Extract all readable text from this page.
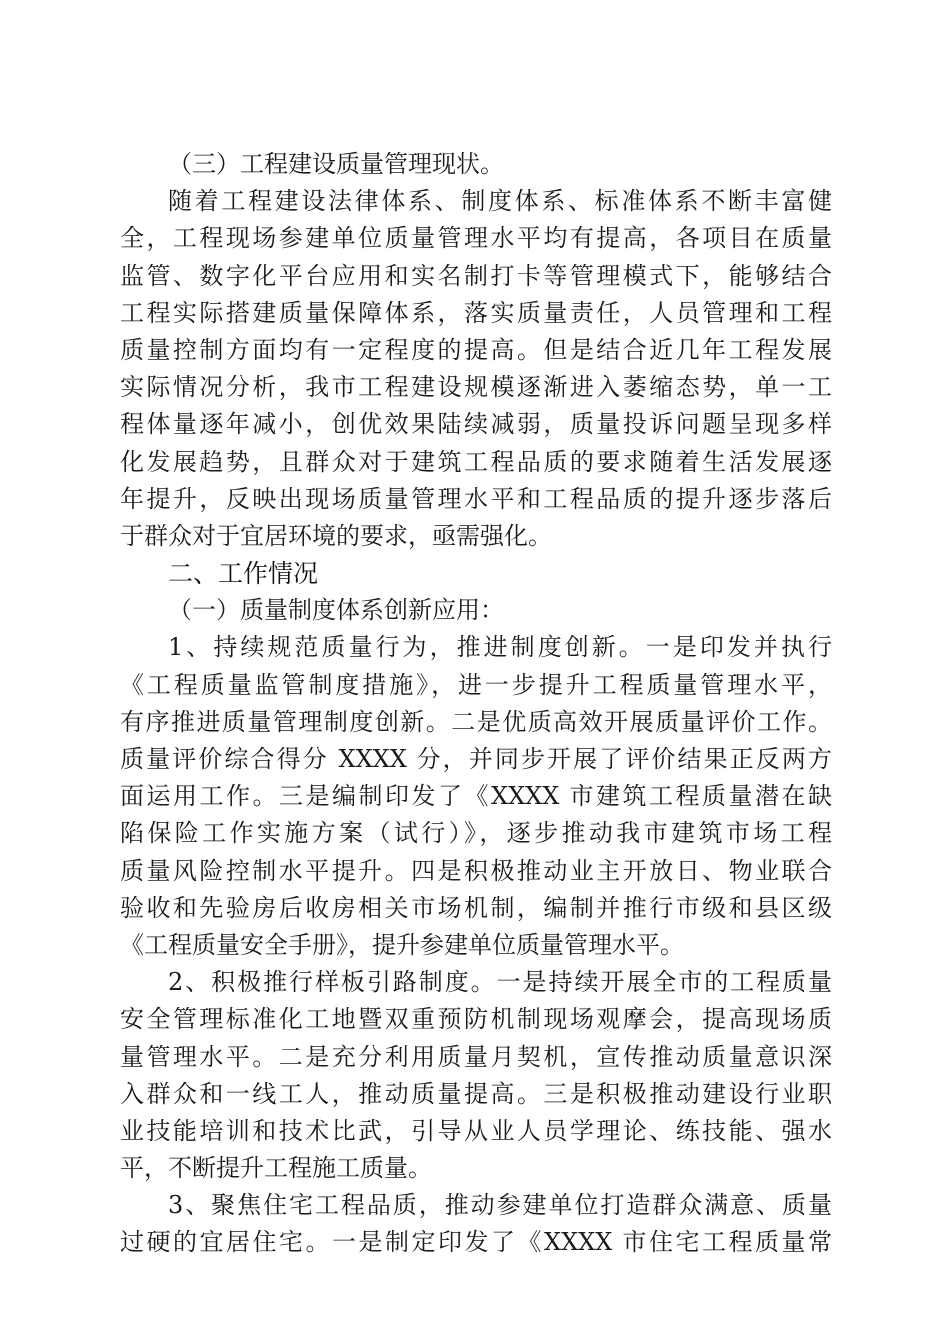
（三）工程建设质量管理现状。
随着工程建设法律体系、制度体系、标准体系不断丰富健
全，工程现场参建单位质量管理水平均有提高，各项目在质量
监管、数字化平台应用和实名制打卡等管理模式下，能够结合
工程实际搭建质量保障体系，落实质量责任，人员管理和工程
质量控制方面均有一定程度的提高。但是结合近几年工程发展
实际情况分析，我市工程建设规模逐渐进入萎缩态势，单一工
程体量逐年减小，创优效果陆续减弱，质量投诉问题呈现多样
化发展趋势，且群众对于建筑工程品质的要求随着生活发展逐
年提升，反映出现场质量管理水平和工程品质的提升逐步落后
于群众对于宜居环境的要求，亟需强化。
二、工作情况
（一）质量制度体系创新应用：
1、持续规范质量行为，推进制度创新。一是印发并执行
《工程质量监管制度措施》，进一步提升工程质量管理水平，
有序推进质量管理制度创新。二是优质高效开展质量评价工作。
质量评价综合得分 XXXX 分，并同步开展了评价结果正反两方
面运用工作。三是编制印发了《XXXX 市建筑工程质量潜在缺
陷保险工作实施方案（试行）》，逐步推动我市建筑市场工程
质量风险控制水平提升。四是积极推动业主开放日、物业联合
验收和先验房后收房相关市场机制，编制并推行市级和县区级
《工程质量安全手册》，提升参建单位质量管理水平。
2、积极推行样板引路制度。一是持续开展全市的工程质量
安全管理标准化工地暨双重预防机制现场观摩会，提高现场质
量管理水平。二是充分利用质量月契机，宣传推动质量意识深
入群众和一线工人，推动质量提高。三是积极推动建设行业职
业技能培训和技术比武，引导从业人员学理论、练技能、强水
平，不断提升工程施工质量。
3、聚焦住宅工程品质，推动参建单位打造群众满意、质量
过硬的宜居住宅。一是制定印发了《XXXX 市住宅工程质量常
